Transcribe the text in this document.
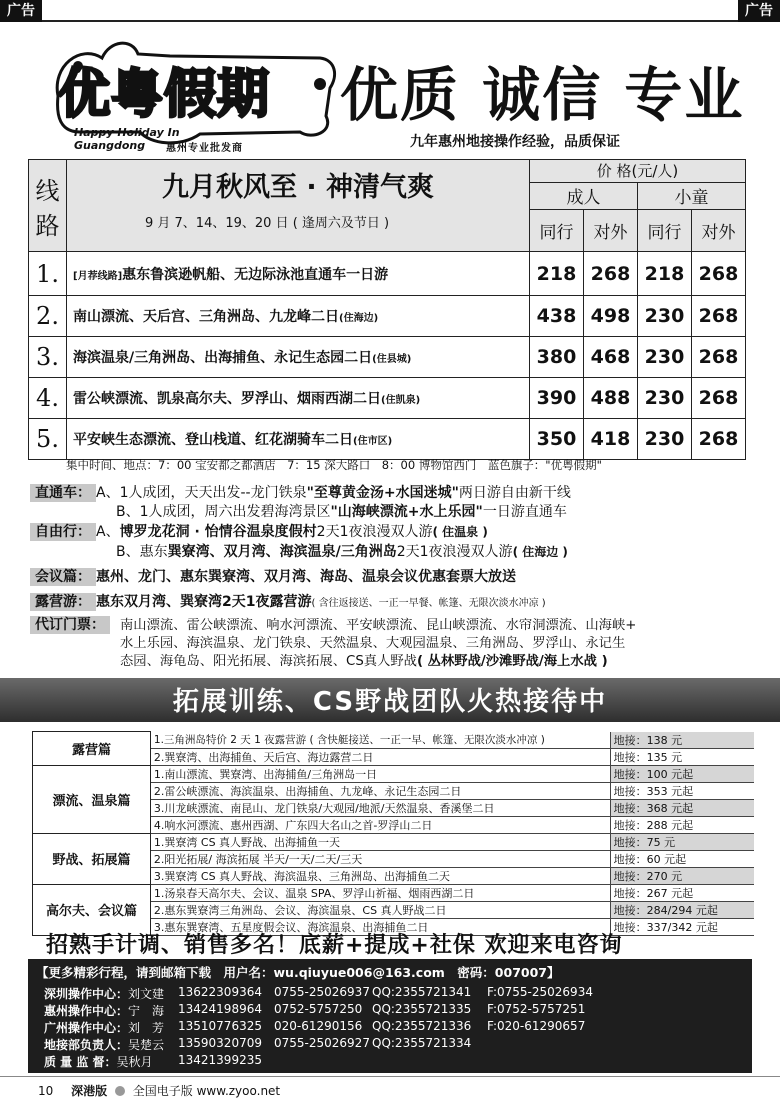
广告	广告
优粤假期
Happy Holiday In
Guangdong 惠州专业批发商
优质 诚信 专业
九年惠州地接操作经验，品质保证
线
路	九月秋风至 · 神清气爽	价 格(元/人)			
		成人		小童	
	9 月 7、14、19、20 日 ( 逢周六及节日 )	同行	对外	同行	对外
1.	[月荐线路]惠东鲁滨逊帆船、无边际泳池直通车一日游	218	268	218	268
2.	南山漂流、天后宫、三角洲岛、九龙峰二日(住海边)	438	498	230	268
3.	海滨温泉/三角洲岛、出海捕鱼、永记生态园二日(住县城)	380	468	230	268
4.	雷公峡漂流、凯泉高尔夫、罗浮山、烟雨西湖二日(住凯泉)	390	488	230	268
5.	平安峡生态漂流、登山栈道、红花湖骑车二日(住市区)	350	418	230	268
集中时间、地点：7：00 宝安都之都酒店　7：15 深大路口　8：00 博物馆西门　蓝色旗子："优粤假期"
直通车： A、1人成团，天天出发--龙门铁泉"至尊黄金汤+水国迷城"两日游自由新干线
B、1人成团，周六出发碧海湾景区"山海峡漂流+水上乐园"一日游直通车
自由行： A、博罗龙花洞 · 怡情谷温泉度假村2天1夜浪漫双人游( 住温泉 )
B、惠东巽寮湾、双月湾、海滨温泉/三角洲岛2天1夜浪漫双人游( 住海边 )
会议篇： 惠州、龙门、惠东巽寮湾、双月湾、海岛、温泉会议优惠套票大放送
露营游： 惠东双月湾、巽寮湾2天1夜露营游( 含往返接送、一正一早餐、帐篷、无限次淡水冲凉 )
代订门票：	南山漂流、雷公峡漂流、响水河漂流、平安峡漂流、昆山峡漂流、水帘洞漂流、山海峡+
水上乐园、海滨温泉、龙门铁泉、天然温泉、大观园温泉、三角洲岛、罗浮山、永记生
态园、海龟岛、阳光拓展、海滨拓展、CS真人野战( 丛林野战/沙滩野战/海上水战 )
拓展训练、CS野战团队火热接待中
露营篇	1.三角洲岛特价 2 天 1 夜露营游 ( 含快艇接送、一正一早、帐篷、无限次淡水冲凉 )	地接：138 元
	2.巽寮湾、出海捕鱼、天后宫、海边露营二日	地接：135 元
漂流、温泉篇	1.南山漂流、巽寮湾、出海捕鱼/三角洲岛一日	地接：100 元起
	2.雷公峡漂流、海滨温泉、出海捕鱼、九龙峰、永记生态园二日	地接：353 元起
	3.川龙峡漂流、南昆山、龙门铁泉/大观园/地派/天然温泉、香溪堡二日	地接：368 元起
	4.响水河漂流、惠州西湖、广东四大名山之首-罗浮山二日	地接：288 元起
野战、拓展篇	1.巽寮湾 CS 真人野战、出海捕鱼一天	地接：75 元
	2.阳光拓展/ 海滨拓展 半天/一天/二天/三天	地接：60 元起
	3.巽寮湾 CS 真人野战、海滨温泉、三角洲岛、出海捕鱼二天	地接：270 元
高尔夫、会议篇	1.汤泉春天高尔夫、会议、温泉 SPA、罗浮山祈福、烟雨西湖二日	地接：267 元起
	2.惠东巽寮湾三角洲岛、会议、海滨温泉、CS 真人野战二日	地接：284/294 元起
	3.惠东巽寮湾、五星度假会议、海滨温泉、出海捕鱼二日	地接：337/342 元起
招熟手计调、销售多名！底薪+提成+社保 欢迎来电咨询
【更多精彩行程，请到邮箱下载　用户名：wu.qiuyue006@163.com　密码：007007】
深圳操作中心：刘文建 13622309364 0755-25026937 QQ:2355721341 F:0755-25026934
惠州操作中心：宁　海 13424198964 0752-5757250 QQ:2355721335 F:0752-5757251
广州操作中心：刘　芳 13510776325 020-61290156 QQ:2355721336 F:020-61290657
地接部负责人：吴楚云 13590320709 0755-25026927 QQ:2355721334
质 量 监 督：吴秋月 13421399235
10 深港版 全国电子版 www.zyoo.net
